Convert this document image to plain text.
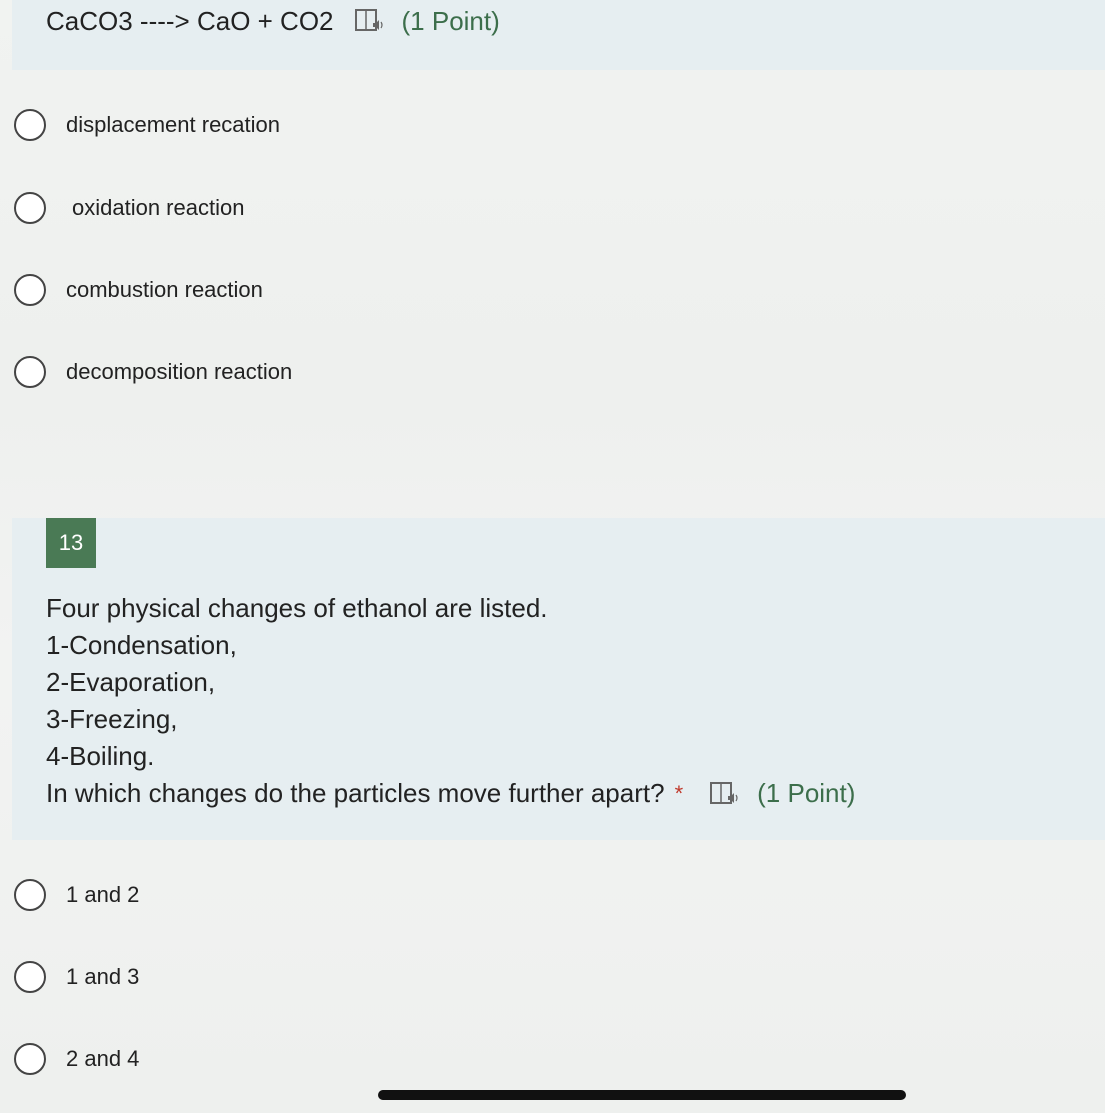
CaCO3 ----> CaO + CO2	(1 Point)
displacement recation
oxidation reaction
combustion reaction
decomposition reaction
13
Four physical changes of ethanol are listed.
1-Condensation,
2-Evaporation,
3-Freezing,
4-Boiling.
In which changes do the particles move further apart? *	(1 Point)
1 and 2
1 and 3
2 and 4
